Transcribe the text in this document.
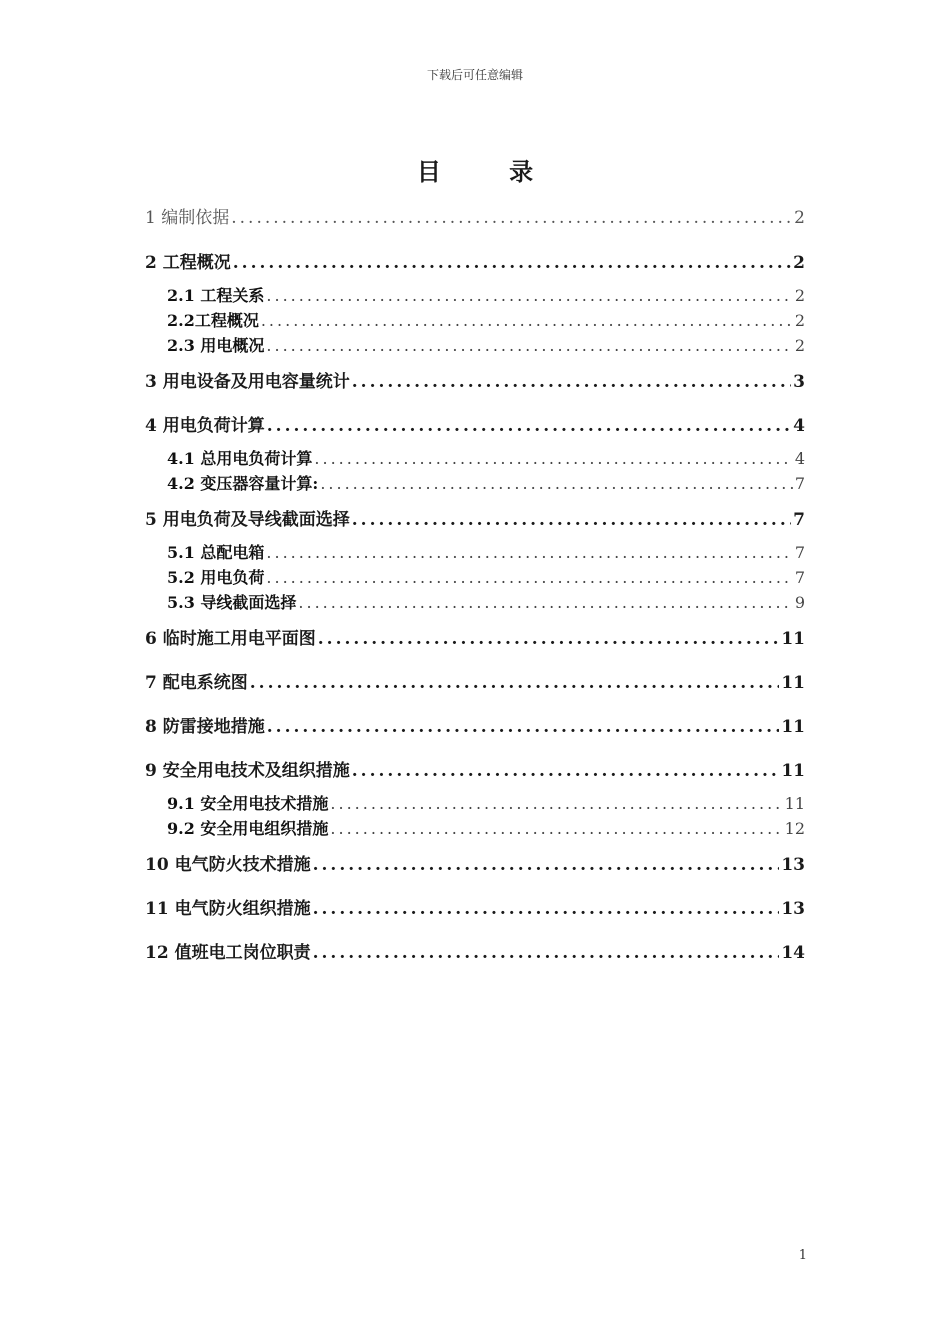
下载后可任意编辑
目 录
1 编制依据 .....	2
2 工程概况 .....	2
2.1 工程关系 .....	2
2.2工程概况 .....	2
2.3 用电概况 .....	2
3 用电设备及用电容量统计 .....	3
4 用电负荷计算 .....	4
4.1 总用电负荷计算 .....	4
4.2 变压器容量计算: .....	7
5 用电负荷及导线截面选择 .....	7
5.1 总配电箱 .....	7
5.2 用电负荷 .....	7
5.3 导线截面选择 .....	9
6 临时施工用电平面图 .....	11
7 配电系统图 .....	11
8 防雷接地措施 .....	11
9 安全用电技术及组织措施 .....	11
9.1 安全用电技术措施 .....	11
9.2 安全用电组织措施 .....	12
10 电气防火技术措施 .....	13
11 电气防火组织措施 .....	13
12 值班电工岗位职责 .....	14
1
